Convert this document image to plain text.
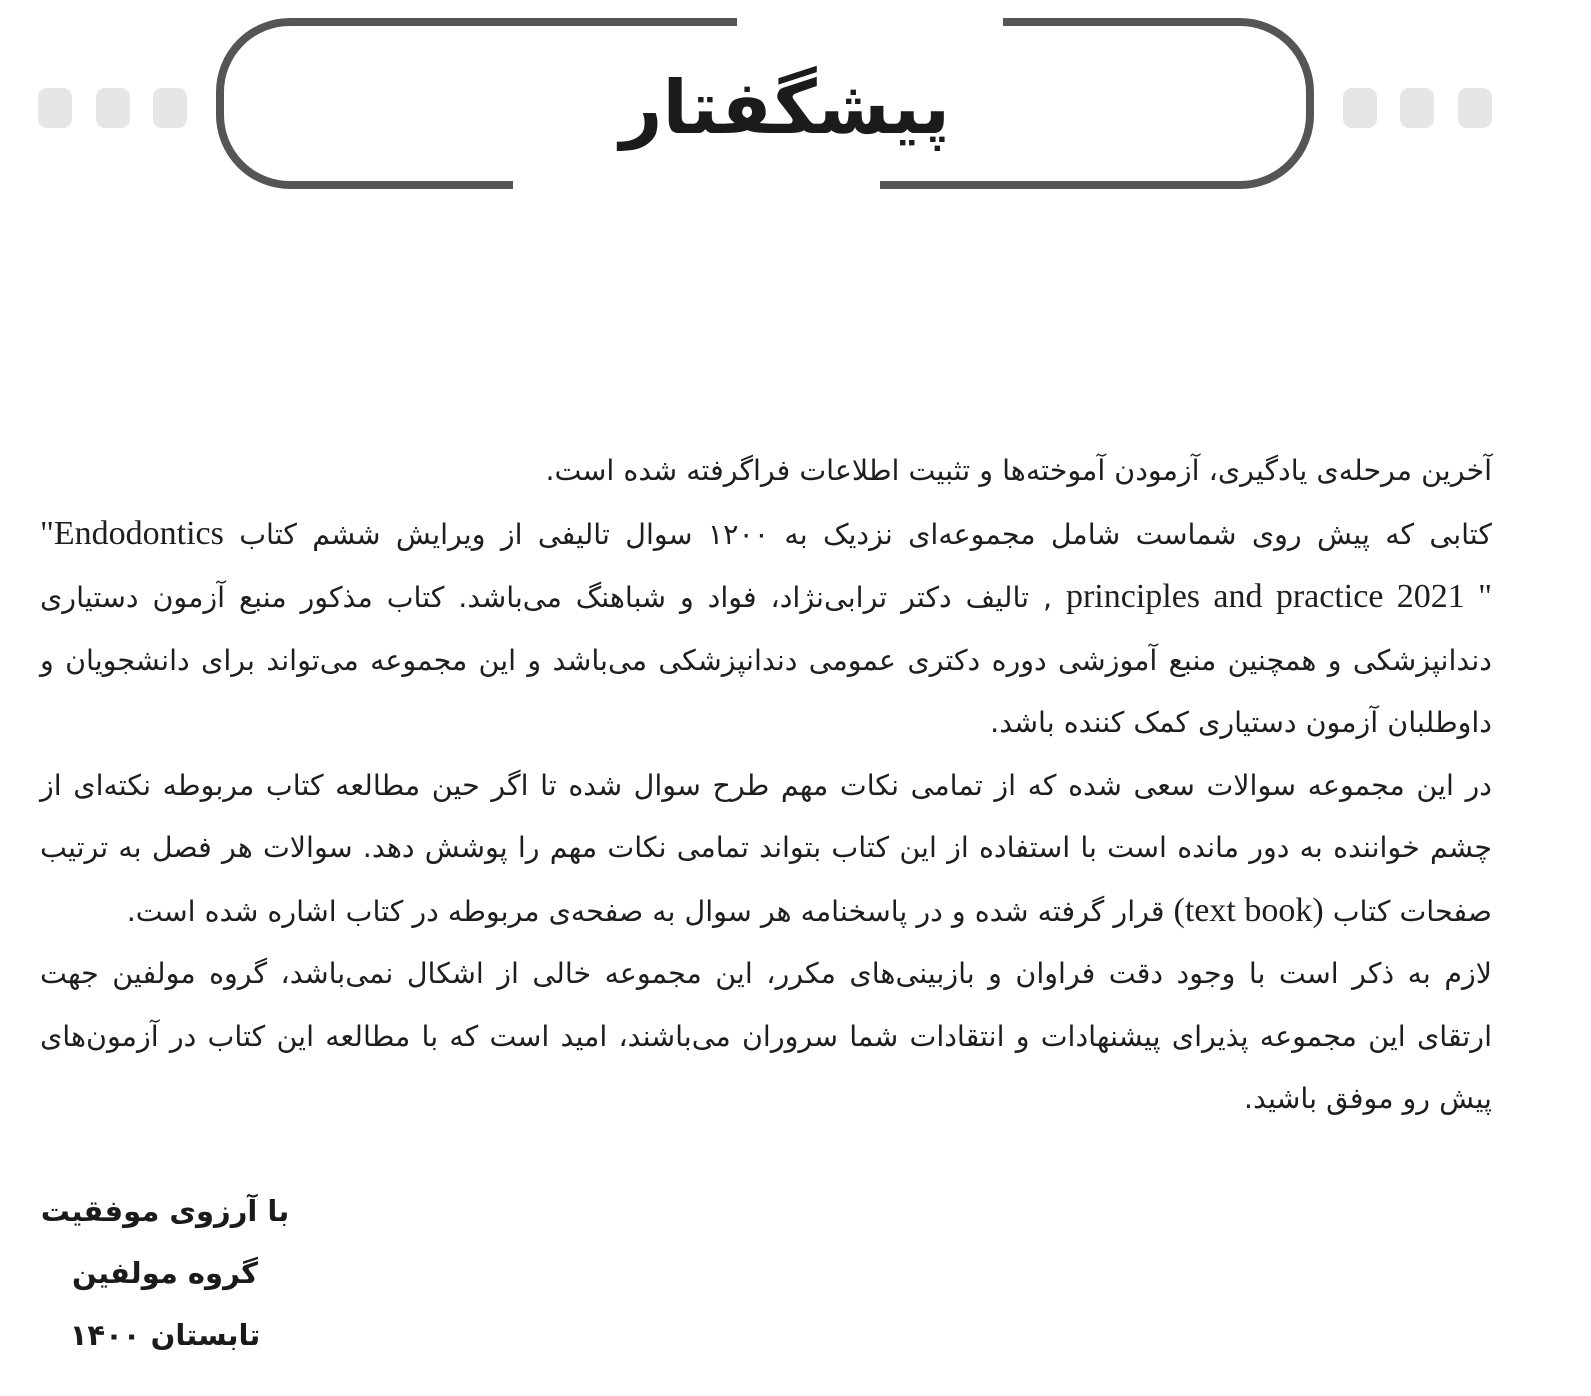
پیشگفتار

آخرین مرحله‌ی یادگیری، آزمودن آموخته‌ها و تثبیت اطلاعات فراگرفته شده است.

کتابی که پیش روی شماست شامل مجموعه‌ای نزدیک به ۱۲۰۰ سوال تالیفی از ویرایش ششم کتاب "Endodontics principles and practice 2021 " , تالیف دکتر ترابی‌نژاد، فواد و شباهنگ می‌باشد. کتاب مذکور منبع آزمون دستیاری دندانپزشکی و همچنین منبع آموزشی دوره دکتری عمومی دندانپزشکی می‌باشد و این مجموعه می‌تواند برای دانشجویان و داوطلبان آزمون دستیاری کمک کننده باشد.

در این مجموعه سوالات سعی شده که از تمامی نکات مهم طرح سوال شده تا اگر حین مطالعه کتاب مربوطه نکته‌ای از چشم خواننده به دور مانده است با استفاده از این کتاب بتواند تمامی نکات مهم را پوشش دهد. سوالات هر فصل به ترتیب صفحات کتاب (text book) قرار گرفته شده و در پاسخنامه هر سوال به صفحه‌ی مربوطه در کتاب اشاره شده است.

لازم به ذکر است با وجود دقت فراوان و بازبینی‌های مکرر، این مجموعه خالی از اشکال نمی‌باشد، گروه مولفین جهت ارتقای این مجموعه پذیرای پیشنهادات و انتقادات شما سروران می‌باشند، امید است که با مطالعه این کتاب در آزمون‌های پیش رو موفق باشید.

با آرزوی موفقیت
گروه مولفین
تابستان ۱۴۰۰
